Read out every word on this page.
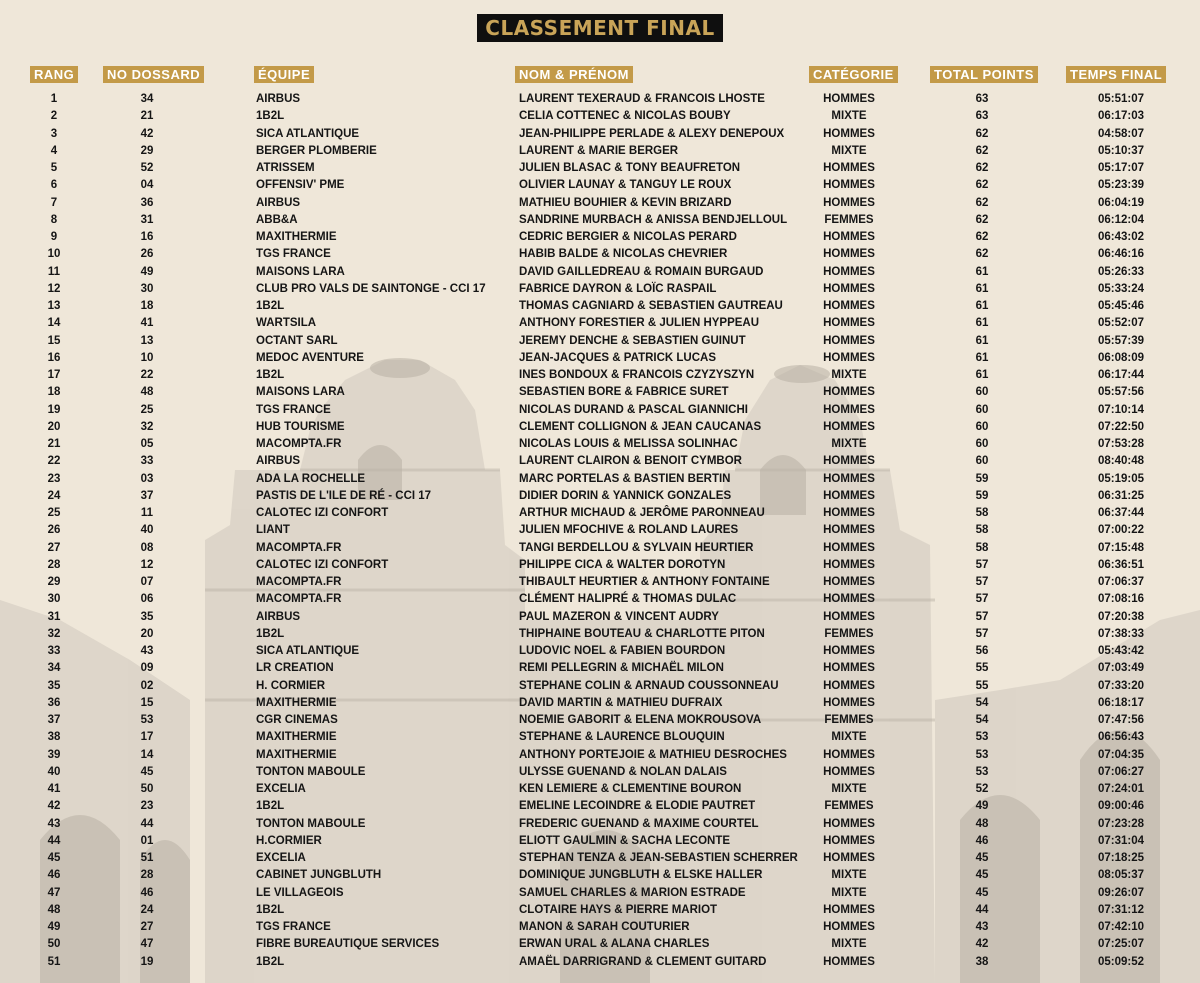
CLASSEMENT FINAL
RANG	NO DOSSARD	ÉQUIPE	NOM & PRÉNOM	CATÉGORIE	TOTAL POINTS	TEMPS FINAL
1	34	AIRBUS	LAURENT TEXERAUD & FRANCOIS LHOSTE	HOMMES	63	05:51:07
2	21	1B2L	CELIA COTTENEC & NICOLAS BOUBY	MIXTE	63	06:17:03
3	42	SICA ATLANTIQUE	JEAN-PHILIPPE PERLADE & ALEXY DENEPOUX	HOMMES	62	04:58:07
4	29	BERGER PLOMBERIE	LAURENT & MARIE BERGER	MIXTE	62	05:10:37
5	52	ATRISSEM	JULIEN BLASAC & TONY BEAUFRETON	HOMMES	62	05:17:07
6	04	OFFENSIV' PME	OLIVIER LAUNAY & TANGUY LE ROUX	HOMMES	62	05:23:39
7	36	AIRBUS	MATHIEU BOUHIER & KEVIN BRIZARD	HOMMES	62	06:04:19
8	31	ABB&A	SANDRINE MURBACH & ANISSA BENDJELLOUL	FEMMES	62	06:12:04
9	16	MAXITHERMIE	CEDRIC BERGIER & NICOLAS PERARD	HOMMES	62	06:43:02
10	26	TGS FRANCE	HABIB BALDE & NICOLAS CHEVRIER	HOMMES	62	06:46:16
11	49	MAISONS LARA	DAVID GAILLEDREAU & ROMAIN BURGAUD	HOMMES	61	05:26:33
12	30	CLUB PRO VALS DE SAINTONGE - CCI 17	FABRICE DAYRON & LOÏC RASPAIL	HOMMES	61	05:33:24
13	18	1B2L	THOMAS CAGNIARD & SEBASTIEN GAUTREAU	HOMMES	61	05:45:46
14	41	WARTSILA	ANTHONY FORESTIER & JULIEN HYPPEAU	HOMMES	61	05:52:07
15	13	OCTANT SARL	JEREMY DENCHE & SEBASTIEN GUINUT	HOMMES	61	05:57:39
16	10	MEDOC AVENTURE	JEAN-JACQUES & PATRICK LUCAS	HOMMES	61	06:08:09
17	22	1B2L	INES BONDOUX & FRANCOIS CZYZYSZYN	MIXTE	61	06:17:44
18	48	MAISONS LARA	SEBASTIEN BORE & FABRICE SURET	HOMMES	60	05:57:56
19	25	TGS FRANCE	NICOLAS DURAND & PASCAL GIANNICHI	HOMMES	60	07:10:14
20	32	HUB TOURISME	CLEMENT COLLIGNON & JEAN CAUCANAS	HOMMES	60	07:22:50
21	05	MACOMPTA.FR	NICOLAS LOUIS & MELISSA SOLINHAC	MIXTE	60	07:53:28
22	33	AIRBUS	LAURENT CLAIRON & BENOIT CYMBOR	HOMMES	60	08:40:48
23	03	ADA LA ROCHELLE	MARC PORTELAS & BASTIEN BERTIN	HOMMES	59	05:19:05
24	37	PASTIS DE L'ILE DE RÉ - CCI 17	DIDIER DORIN & YANNICK GONZALES	HOMMES	59	06:31:25
25	11	CALOTEC IZI CONFORT	ARTHUR MICHAUD & JERÔME PARONNEAU	HOMMES	58	06:37:44
26	40	LIANT	JULIEN MFOCHIVE & ROLAND LAURES	HOMMES	58	07:00:22
27	08	MACOMPTA.FR	TANGI BERDELLOU & SYLVAIN HEURTIER	HOMMES	58	07:15:48
28	12	CALOTEC IZI CONFORT	PHILIPPE CICA & WALTER DOROTYN	HOMMES	57	06:36:51
29	07	MACOMPTA.FR	THIBAULT HEURTIER & ANTHONY FONTAINE	HOMMES	57	07:06:37
30	06	MACOMPTA.FR	CLÉMENT HALIPRÉ & THOMAS DULAC	HOMMES	57	07:08:16
31	35	AIRBUS	PAUL MAZERON & VINCENT AUDRY	HOMMES	57	07:20:38
32	20	1B2L	THIPHAINE BOUTEAU & CHARLOTTE PITON	FEMMES	57	07:38:33
33	43	SICA ATLANTIQUE	LUDOVIC NOEL & FABIEN BOURDON	HOMMES	56	05:43:42
34	09	LR CREATION	REMI PELLEGRIN & MICHAËL MILON	HOMMES	55	07:03:49
35	02	H. CORMIER	STEPHANE COLIN & ARNAUD COUSSONNEAU	HOMMES	55	07:33:20
36	15	MAXITHERMIE	DAVID MARTIN & MATHIEU DUFRAIX	HOMMES	54	06:18:17
37	53	CGR CINEMAS	NOEMIE GABORIT & ELENA MOKROUSOVA	FEMMES	54	07:47:56
38	17	MAXITHERMIE	STEPHANE & LAURENCE BLOUQUIN	MIXTE	53	06:56:43
39	14	MAXITHERMIE	ANTHONY PORTEJOIE & MATHIEU DESROCHES	HOMMES	53	07:04:35
40	45	TONTON MABOULE	ULYSSE GUENAND & NOLAN DALAIS	HOMMES	53	07:06:27
41	50	EXCELIA	KEN LEMIERE & CLEMENTINE BOURON	MIXTE	52	07:24:01
42	23	1B2L	EMELINE LECOINDRE & ELODIE PAUTRET	FEMMES	49	09:00:46
43	44	TONTON MABOULE	FREDERIC GUENAND & MAXIME COURTEL	HOMMES	48	07:23:28
44	01	H.CORMIER	ELIOTT GAULMIN & SACHA LECONTE	HOMMES	46	07:31:04
45	51	EXCELIA	STEPHAN TENZA & JEAN-SEBASTIEN SCHERRER	HOMMES	45	07:18:25
46	28	CABINET JUNGBLUTH	DOMINIQUE JUNGBLUTH & ELSKE HALLER	MIXTE	45	08:05:37
47	46	LE VILLAGEOIS	SAMUEL CHARLES & MARION ESTRADE	MIXTE	45	09:26:07
48	24	1B2L	CLOTAIRE HAYS & PIERRE MARIOT	HOMMES	44	07:31:12
49	27	TGS FRANCE	MANON & SARAH COUTURIER	HOMMES	43	07:42:10
50	47	FIBRE BUREAUTIQUE SERVICES	ERWAN URAL & ALANA CHARLES	MIXTE	42	07:25:07
51	19	1B2L	AMAËL DARRIGRAND & CLEMENT GUITARD	HOMMES	38	05:09:52
